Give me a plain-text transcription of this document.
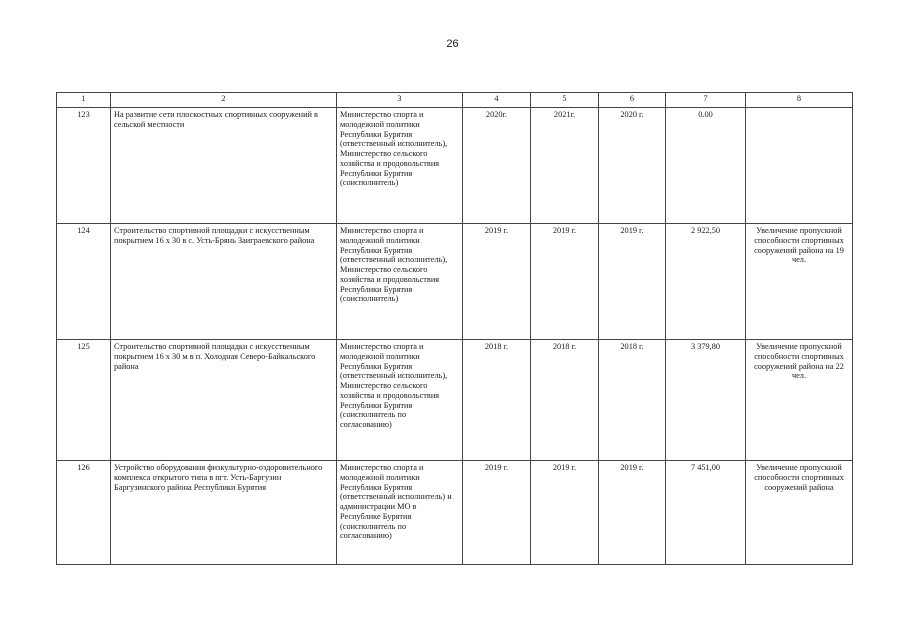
26
1	2	3	4	5	6	7	8
123	На развитие сети плоскостных спортивных сооружений в сельской местности	Министерство спорта и молодежной политики Республики Бурятия (ответственный исполнитель), Министерство сельского хозяйства и продовольствия Республики Бурятия (соисполнитель)	2020г.	2021г.	2020 г.	0.00	
124	Строительство спортивной площадки с искусственным покрытием 16 х 30 в с. Усть-Брянь Заиграевского района	Министерство спорта и молодежной политики Республики Бурятия (ответственный исполнитель), Министерство сельского хозяйства и продовольствия Республики Бурятия (соисполнитель)	2019 г.	2019 г.	2019 г.	2 922,50	Увеличение пропускной способности спортивных сооружений района на 19 чел.
125	Строительство спортивной площадки с искусственным покрытием 16 х 30 м в п. Холодная Северо-Байкальского района	Министерство спорта и молодежной политики Республики Бурятия (ответственный исполнитель), Министерство сельского хозяйства и продовольствия Республики Бурятия (соисполнитель по согласованию)	2018 г.	2018 г.	2018 г.	3 379,80	Увеличение пропускной способности спортивных сооружений района на 22 чел.
126	Устройство оборудования физкультурно-оздоровительного комплекса открытого типа в пгт. Усть-Баргузин Баргузинского района Республики Бурятия	Министерство спорта и молодежной политики Республики Бурятия (ответственный исполнитель) и администрации МО в Республике Бурятия (соисполнитель по согласованию)	2019 г.	2019 г.	2019 г.	7 451,00	Увеличение пропускной способности спортивных сооружений района
